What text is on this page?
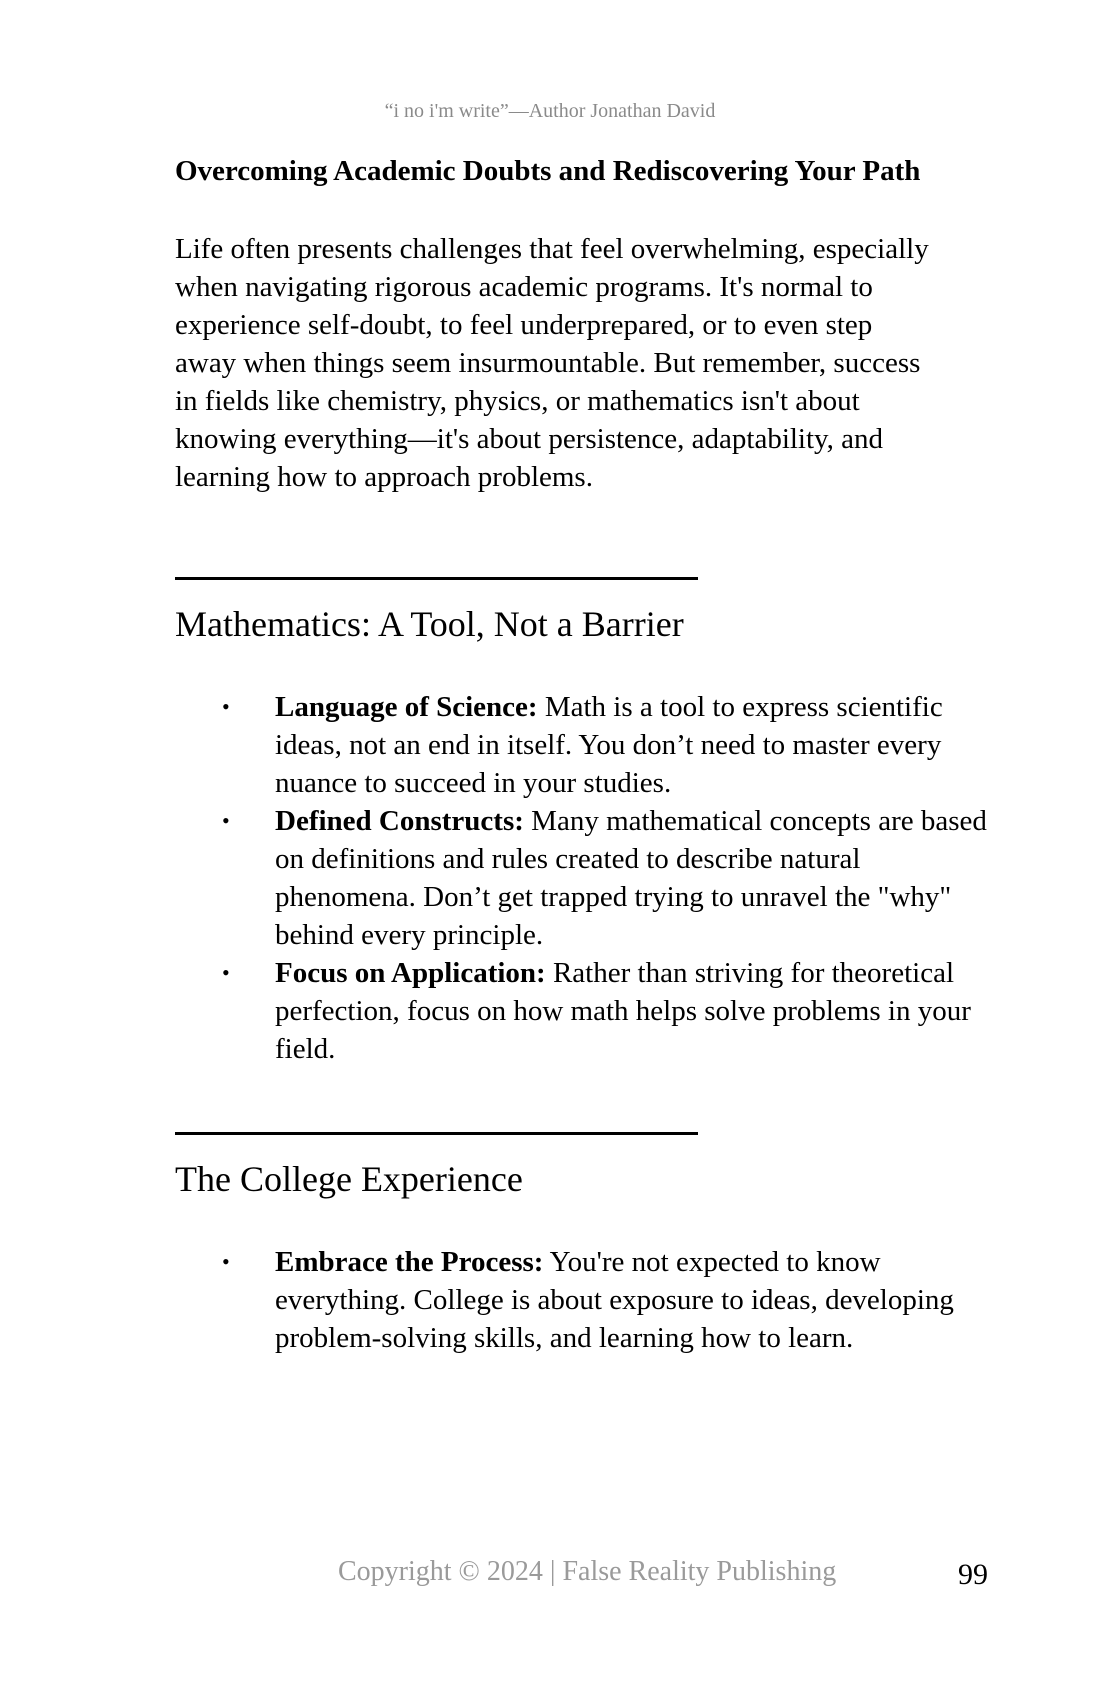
“i no i'm write”—Author Jonathan David
Overcoming Academic Doubts and Rediscovering Your Path

Life often presents challenges that feel overwhelming, especially when navigating rigorous academic programs. It's normal to experience self-doubt, to feel underprepared, or to even step away when things seem insurmountable. But remember, success in fields like chemistry, physics, or mathematics isn't about knowing everything—it's about persistence, adaptability, and learning how to approach problems.

Mathematics: A Tool, Not a Barrier
• Language of Science: Math is a tool to express scientific ideas, not an end in itself. You don’t need to master every nuance to succeed in your studies.
• Defined Constructs: Many mathematical concepts are based on definitions and rules created to describe natural phenomena. Don’t get trapped trying to unravel the "why" behind every principle.
• Focus on Application: Rather than striving for theoretical perfection, focus on how math helps solve problems in your field.
The College Experience
• Embrace the Process: You're not expected to know everything. College is about exposure to ideas, developing problem-solving skills, and learning how to learn.
Copyright © 2024 | False Reality Publishing	99
